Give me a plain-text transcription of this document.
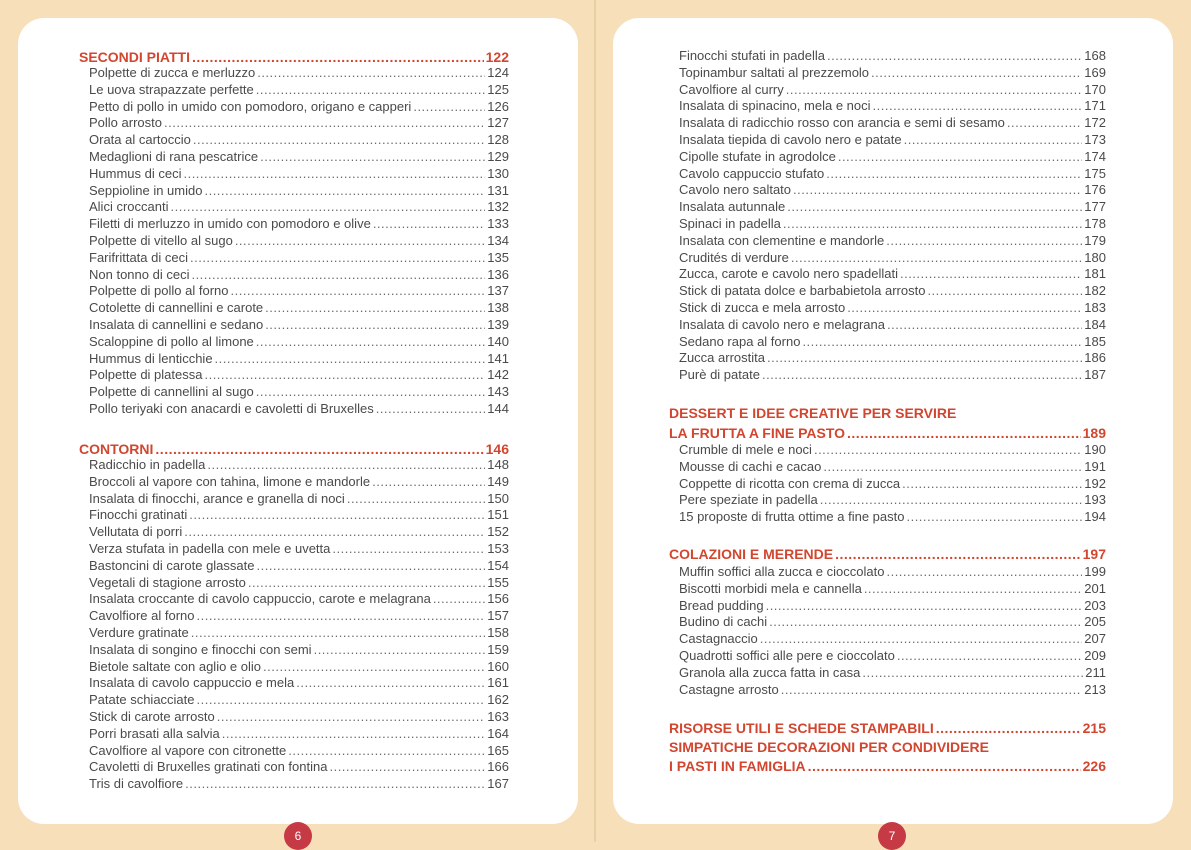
SECONDI PIATTI .....	122
Polpette di zucca e merluzzo .....	124
Le uova strapazzate perfette .....	125
Petto di pollo in umido con pomodoro, origano e capperi .....	126
Pollo arrosto .....	127
Orata al cartoccio .....	128
Medaglioni di rana pescatrice .....	129
Hummus di ceci .....	130
Seppioline in umido .....	131
Alici croccanti .....	132
Filetti di merluzzo in umido con pomodoro e olive .....	133
Polpette di vitello al sugo .....	134
Farifrittata di ceci .....	135
Non tonno di ceci .....	136
Polpette di pollo al forno .....	137
Cotolette di cannellini e carote .....	138
Insalata di cannellini e sedano .....	139
Scaloppine di pollo al limone .....	140
Hummus di lenticchie .....	141
Polpette di platessa .....	142
Polpette di cannellini al sugo .....	143
Pollo teriyaki con anacardi e cavoletti di Bruxelles .....	144
CONTORNI .....	146
Radicchio in padella .....	148
Broccoli al vapore con tahina, limone e mandorle .....	149
Insalata di finocchi, arance e granella di noci .....	150
Finocchi gratinati .....	151
Vellutata di porri .....	152
Verza stufata in padella con mele e uvetta .....	153
Bastoncini di carote glassate .....	154
Vegetali di stagione arrosto .....	155
Insalata croccante di cavolo cappuccio, carote e melagrana .....	156
Cavolfiore al forno .....	157
Verdure gratinate .....	158
Insalata di songino e finocchi con semi .....	159
Bietole saltate con aglio e olio .....	160
Insalata di cavolo cappuccio e mela .....	161
Patate schiacciate .....	162
Stick di carote arrosto .....	163
Porri brasati alla salvia .....	164
Cavolfiore al vapore con citronette .....	165
Cavoletti di Bruxelles gratinati con fontina .....	166
Tris di cavolfiore .....	167
6
Finocchi stufati in padella .....	168
Topinambur saltati al prezzemolo .....	169
Cavolfiore al curry .....	170
Insalata di spinacino, mela e noci .....	171
Insalata di radicchio rosso con arancia e semi di sesamo .....	172
Insalata tiepida di cavolo nero e patate .....	173
Cipolle stufate in agrodolce .....	174
Cavolo cappuccio stufato .....	175
Cavolo nero saltato .....	176
Insalata autunnale .....	177
Spinaci in padella .....	178
Insalata con clementine e mandorle .....	179
Crudités di verdure .....	180
Zucca, carote e cavolo nero spadellati .....	181
Stick di patata dolce e barbabietola arrosto .....	182
Stick di zucca e mela arrosto .....	183
Insalata di cavolo nero e melagrana .....	184
Sedano rapa al forno .....	185
Zucca arrostita .....	186
Purè di patate .....	187
DESSERT E IDEE CREATIVE PER SERVIRE
LA FRUTTA A FINE PASTO .....	189
Crumble di mele e noci .....	190
Mousse di cachi e cacao .....	191
Coppette di ricotta con crema di zucca .....	192
Pere speziate in padella .....	193
15 proposte di frutta ottime a fine pasto .....	194
COLAZIONI E MERENDE .....	197
Muffin soffici alla zucca e cioccolato .....	199
Biscotti morbidi mela e cannella .....	201
Bread pudding .....	203
Budino di cachi .....	205
Castagnaccio .....	207
Quadrotti soffici alle pere e cioccolato .....	209
Granola alla zucca fatta in casa .....	211
Castagne arrosto .....	213
RISORSE UTILI E SCHEDE STAMPABILI .....	215
SIMPATICHE DECORAZIONI PER CONDIVIDERE
I PASTI IN FAMIGLIA .....	226
7
